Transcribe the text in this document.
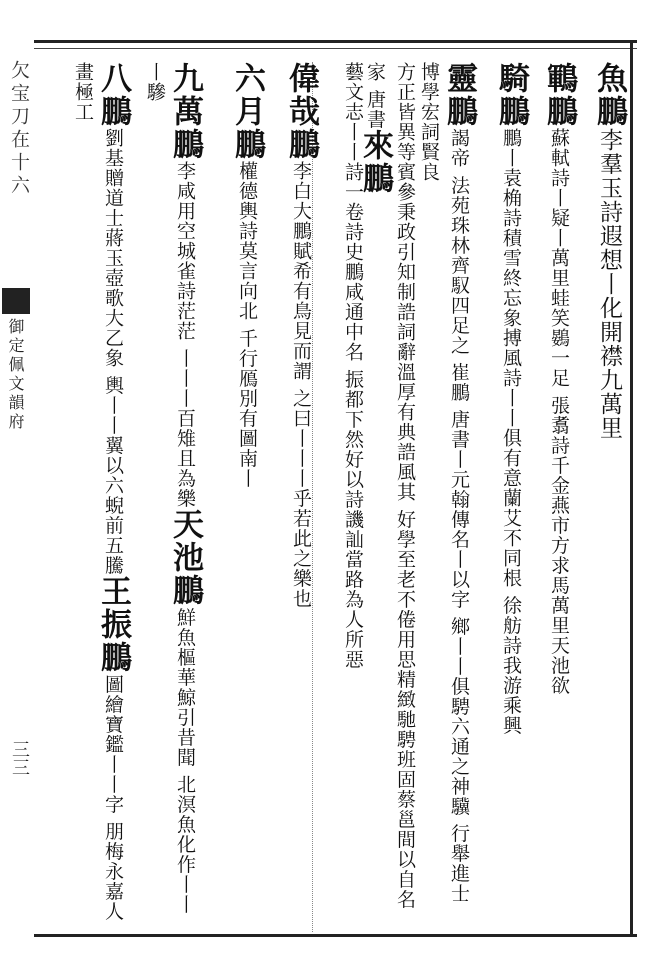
欠宝刀在十六
御定佩文韻府
三三
魚鵬李羣玉詩遐想丨化開襟九萬里
鶤鵬蘇軾詩丨疑丨萬里蛙笑鷃一足 張翥詩千金燕市方求馬萬里天池欲
騎鵬鵬丨袁桷詩積雪終忘象搏風詩丨丨俱有意蘭艾不同根 徐舫詩我游乘興
靈鵬謁帝 法苑珠林齊馭四足之 崔鵬 唐書丨元翰傳名丨以字 鄉丨丨俱騁六通之神驥 行舉進士博學宏詞賢良
方正皆異等賓參秉政引知制誥詞辭溫厚有典誥風其 好學至老不倦用思精緻馳騁班固蔡邕間以自名家 唐書來鵬
藝文志丨丨詩一卷詩史鵬咸通中名 振都下然好以詩譏訕當路為人所惡
偉哉鵬李白大鵬賦希有鳥見而謂 之曰丨丨丨乎若此之樂也
六月鵬權德輿詩莫言向北 千行鴈別有圖南丨
九萬鵬李咸用空城雀詩茫茫 丨丨丨百雉且為樂天池鵬鮮魚樞華鯨引昔聞 北溟魚化作丨丨丨驂
八鵬劉基贈道士蔣玉壺歌大乙象 輿丨丨翼以六蜺前五騰王振鵬圖繪寶鑑丨丨字 朋梅永嘉人畫極工
